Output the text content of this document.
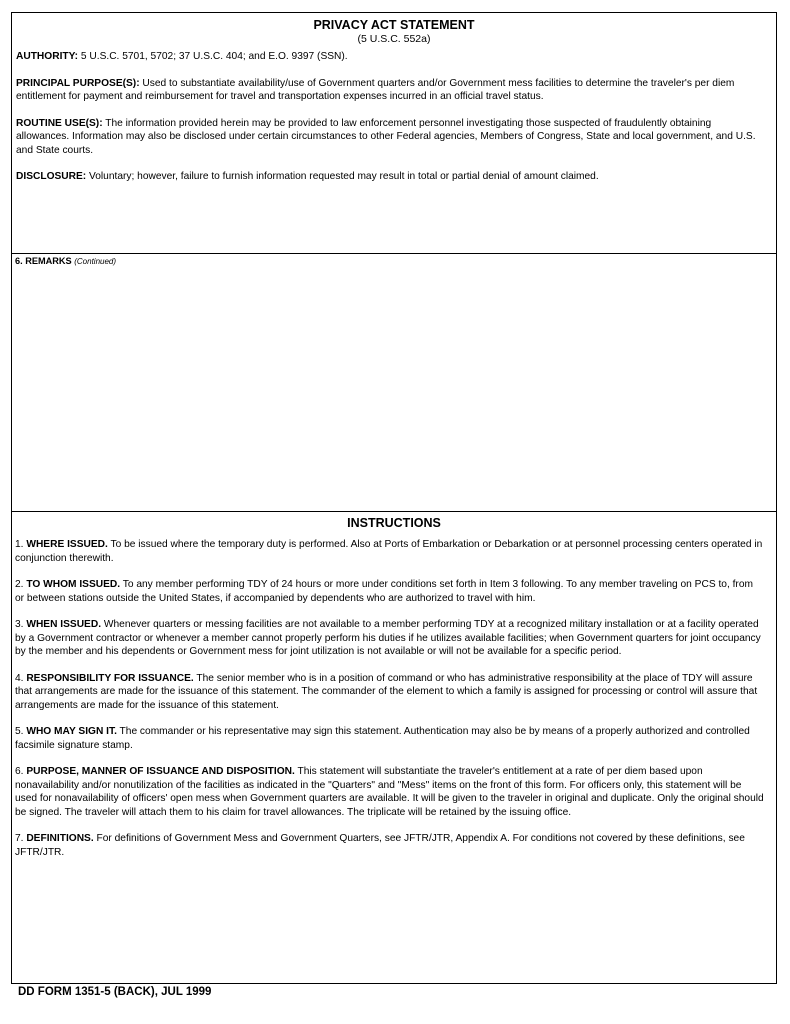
PRIVACY ACT STATEMENT
(5 U.S.C. 552a)
AUTHORITY: 5 U.S.C. 5701, 5702; 37 U.S.C. 404; and E.O. 9397 (SSN).
PRINCIPAL PURPOSE(S): Used to substantiate availability/use of Government quarters and/or Government mess facilities to determine the traveler's per diem entitlement for payment and reimbursement for travel and transportation expenses incurred in an official travel status.
ROUTINE USE(S): The information provided herein may be provided to law enforcement personnel investigating those suspected of fraudulently obtaining allowances. Information may also be disclosed under certain circumstances to other Federal agencies, Members of Congress, State and local government, and U.S. and State courts.
DISCLOSURE: Voluntary; however, failure to furnish information requested may result in total or partial denial of amount claimed.
6. REMARKS (Continued)
INSTRUCTIONS
1. WHERE ISSUED. To be issued where the temporary duty is performed. Also at Ports of Embarkation or Debarkation or at personnel processing centers operated in conjunction therewith.
2. TO WHOM ISSUED. To any member performing TDY of 24 hours or more under conditions set forth in Item 3 following. To any member traveling on PCS to, from or between stations outside the United States, if accompanied by dependents who are authorized to travel with him.
3. WHEN ISSUED. Whenever quarters or messing facilities are not available to a member performing TDY at a recognized military installation or at a facility operated by a Government contractor or whenever a member cannot properly perform his duties if he utilizes available facilities; when Government quarters for joint occupancy by the member and his dependents or Government mess for joint utilization is not available or will not be available for a specific period.
4. RESPONSIBILITY FOR ISSUANCE. The senior member who is in a position of command or who has administrative responsibility at the place of TDY will assure that arrangements are made for the issuance of this statement. The commander of the element to which a family is assigned for processing or control will assure that arrangements are made for the issuance of this statement.
5. WHO MAY SIGN IT. The commander or his representative may sign this statement. Authentication may also be by means of a properly authorized and controlled facsimile signature stamp.
6. PURPOSE, MANNER OF ISSUANCE AND DISPOSITION. This statement will substantiate the traveler's entitlement at a rate of per diem based upon nonavailability and/or nonutilization of the facilities as indicated in the "Quarters" and "Mess" items on the front of this form. For officers only, this statement will be used for nonavailability of officers' open mess when Government quarters are available. It will be given to the traveler in original and duplicate. Only the original should be signed. The traveler will attach them to his claim for travel allowances. The triplicate will be retained by the issuing office.
7. DEFINITIONS. For definitions of Government Mess and Government Quarters, see JFTR/JTR, Appendix A. For conditions not covered by these definitions, see JFTR/JTR.
DD FORM 1351-5 (BACK), JUL 1999
